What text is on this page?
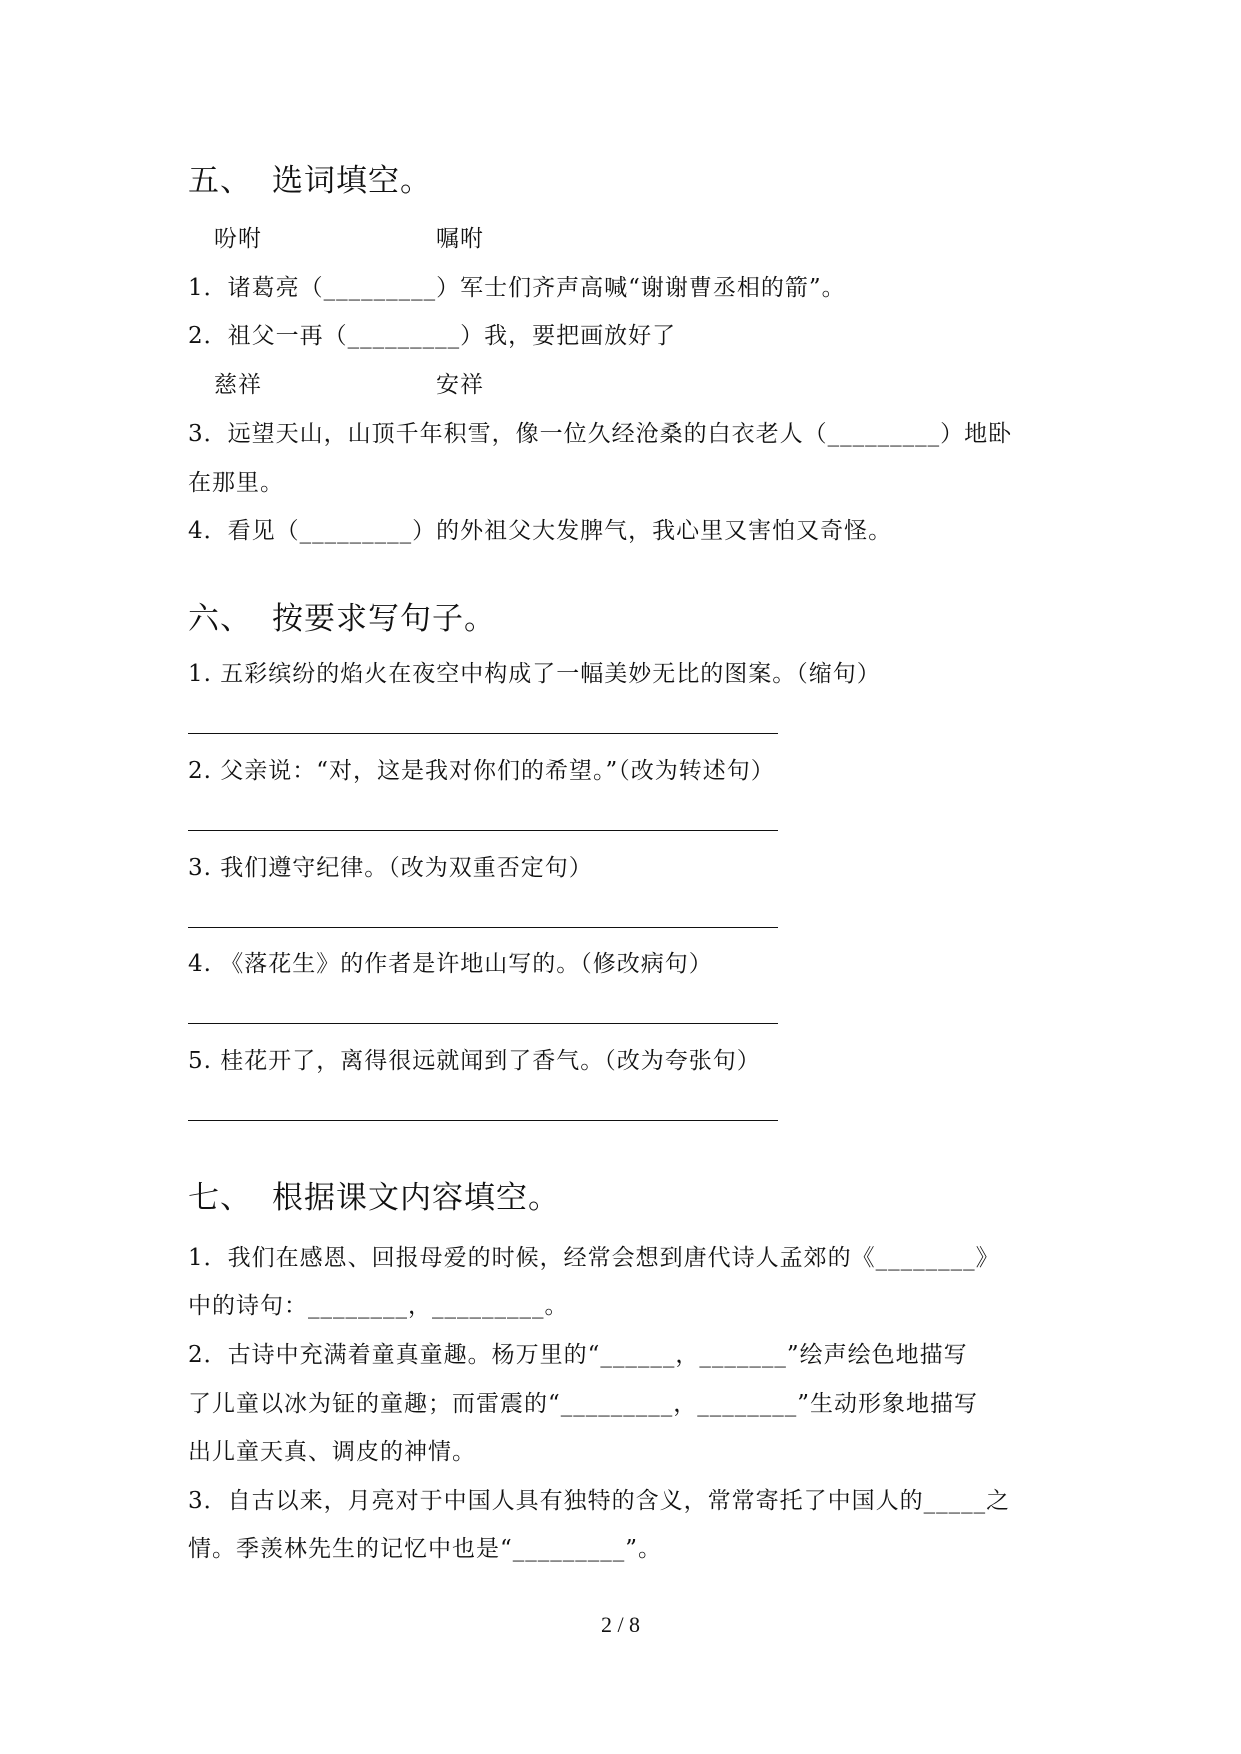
五、 选词填空。
吩咐	嘱咐
1．诸葛亮（_________）军士们齐声高喊“谢谢曹丞相的箭”。
2．祖父一再（_________）我，要把画放好了
慈祥	安祥
3．远望天山，山顶千年积雪，像一位久经沧桑的白衣老人（_________）地卧
在那里。
4．看见（_________）的外祖父大发脾气，我心里又害怕又奇怪。
六、 按要求写句子。
1. 五彩缤纷的焰火在夜空中构成了一幅美妙无比的图案。（缩句）
2. 父亲说：“对，这是我对你们的希望。”（改为转述句）
3. 我们遵守纪律。（改为双重否定句）
4. 《落花生》的作者是许地山写的。（修改病句）
5. 桂花开了，离得很远就闻到了香气。（改为夸张句）
七、 根据课文内容填空。
1．我们在感恩、回报母爱的时候，经常会想到唐代诗人孟郊的《________》
中的诗句：________，_________。
2．古诗中充满着童真童趣。杨万里的“______，_______”绘声绘色地描写
了儿童以冰为钲的童趣；而雷震的“_________，________”生动形象地描写
出儿童天真、调皮的神情。
3．自古以来，月亮对于中国人具有独特的含义，常常寄托了中国人的_____之
情。季羡林先生的记忆中也是“_________”。
2 / 8
